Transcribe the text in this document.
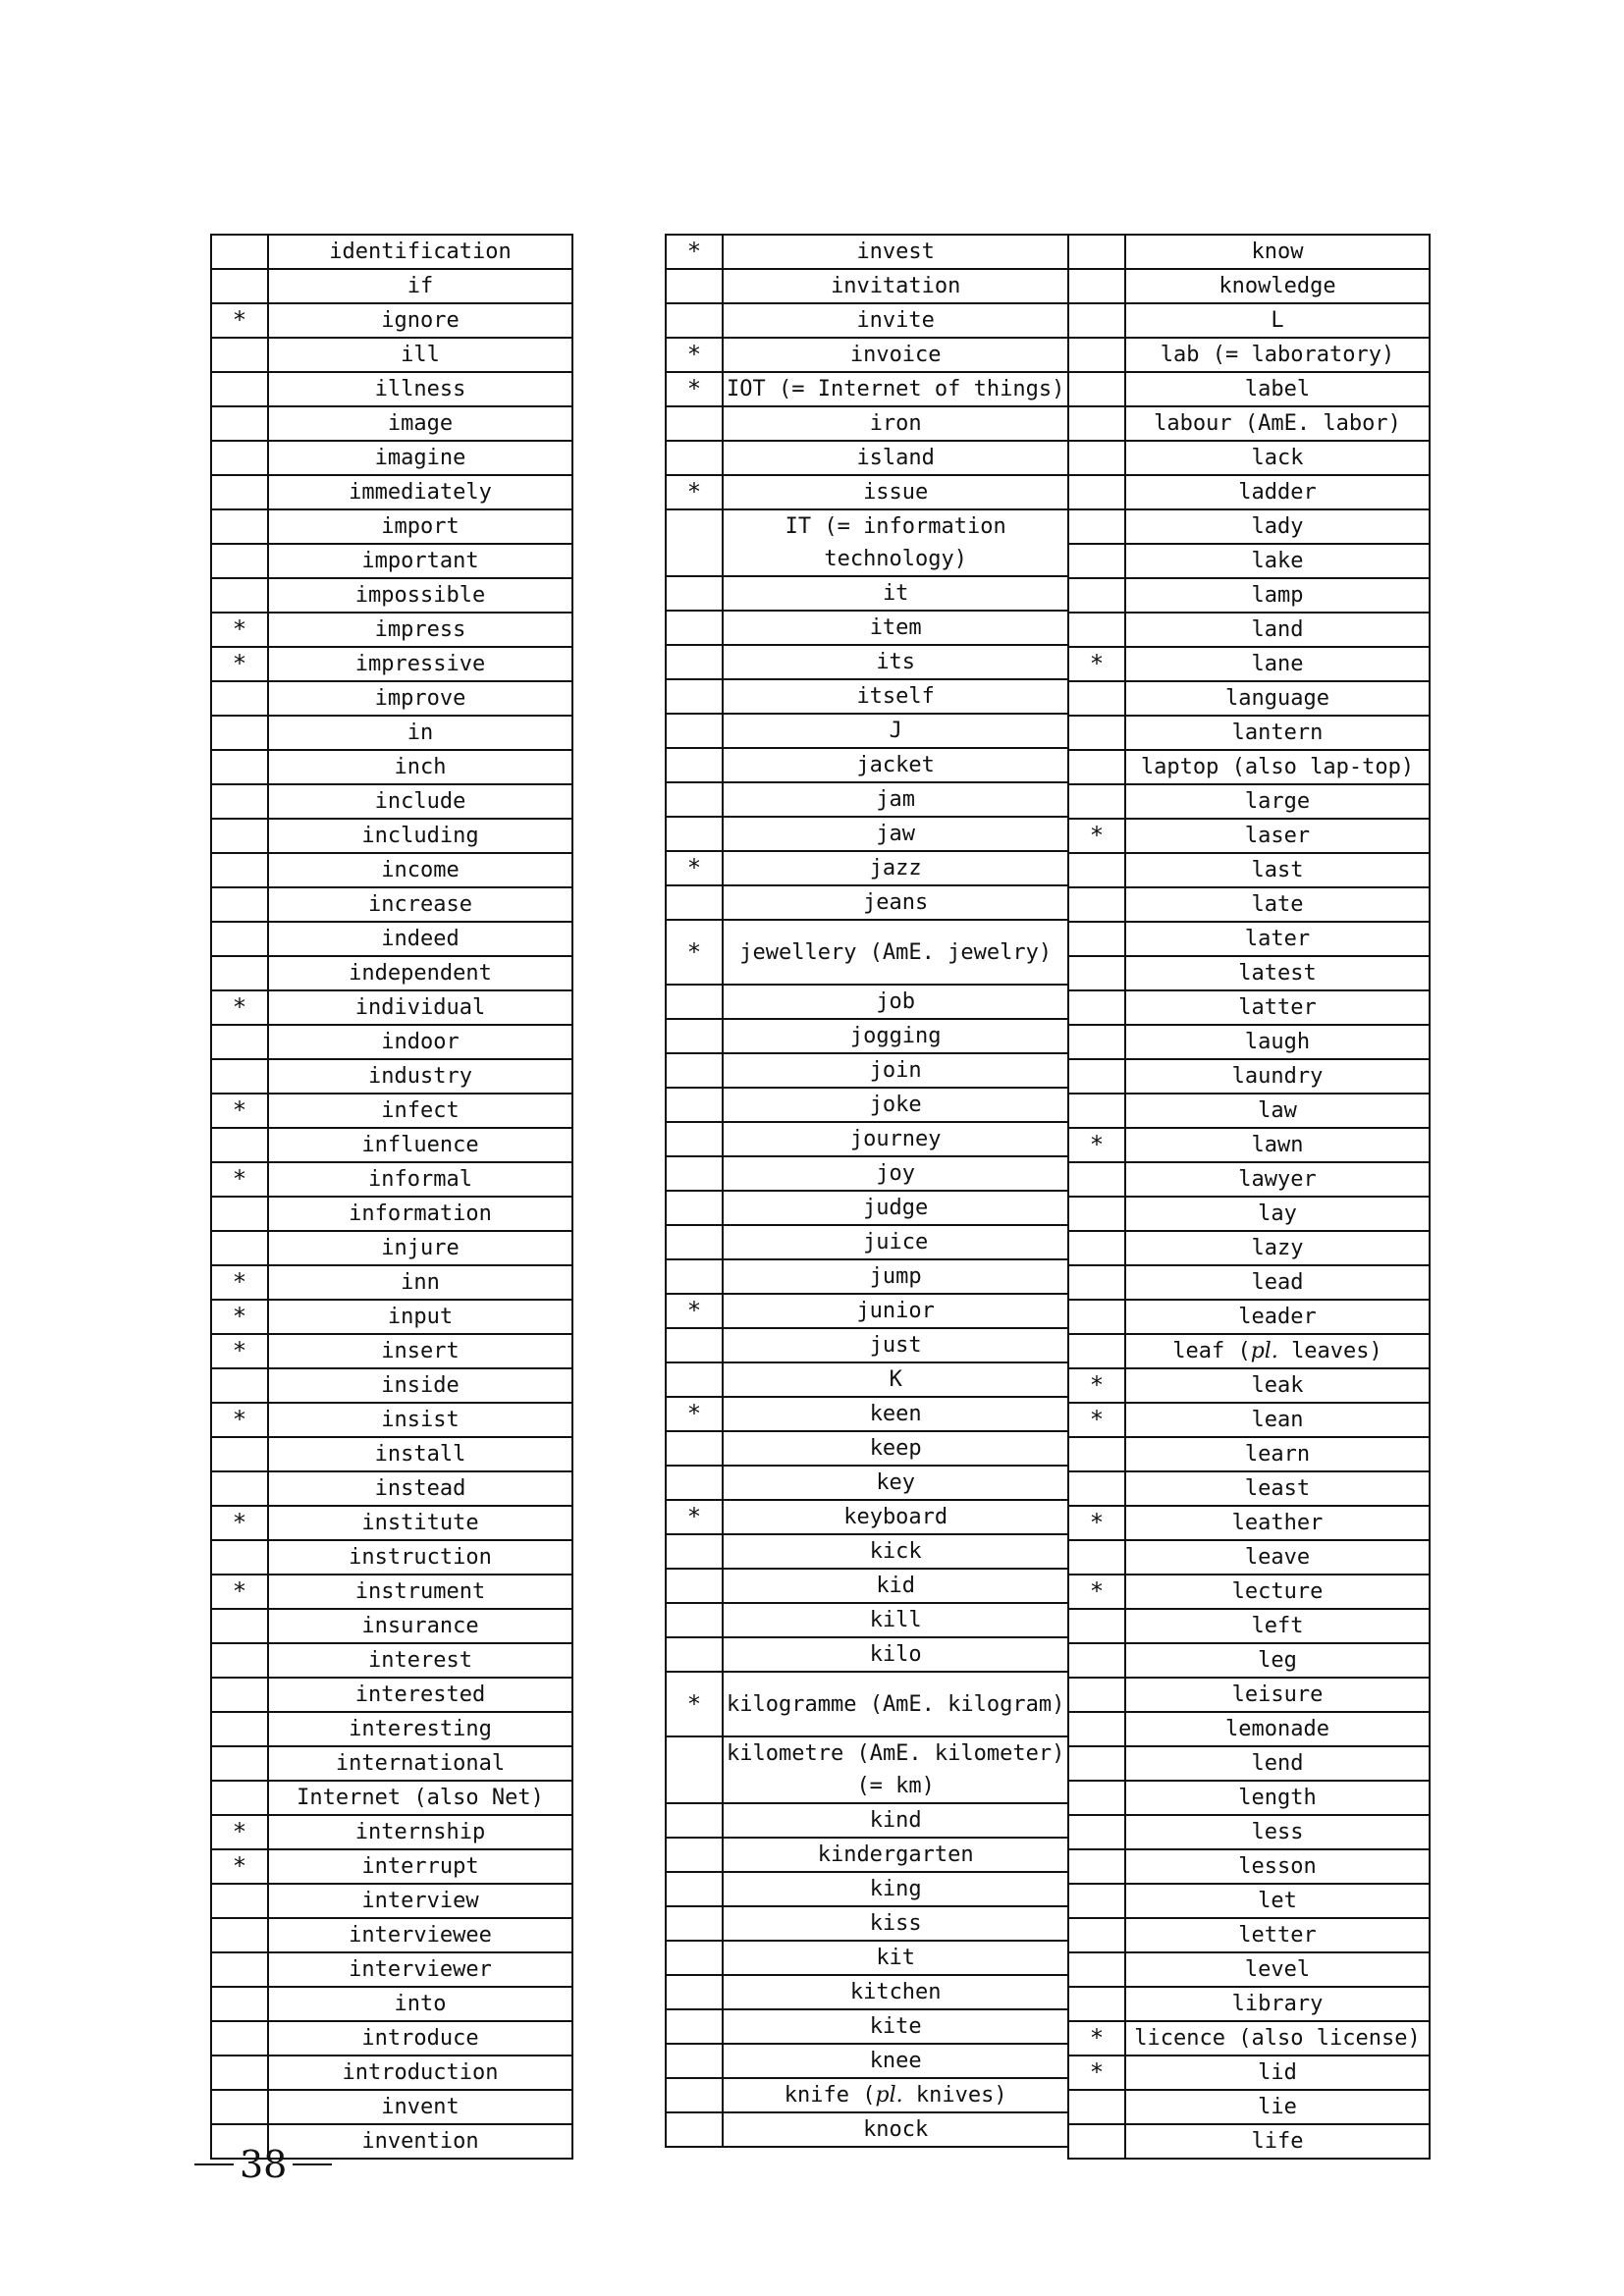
	identification
	if
*	ignore
	ill
	illness
	image
	imagine
	immediately
	import
	important
	impossible
*	impress
*	impressive
	improve
	in
	inch
	include
	including
	income
	increase
	indeed
	independent
*	individual
	indoor
	industry
*	infect
	influence
*	informal
	information
	injure
*	inn
*	input
*	insert
	inside
*	insist
	install
	instead
*	institute
	instruction
*	instrument
	insurance
	interest
	interested
	interesting
	international
	Internet (also Net)
*	internship
*	interrupt
	interview
	interviewee
	interviewer
	into
	introduce
	introduction
	invent
	invention
*	invest
	invitation
	invite
*	invoice
*	IOT (= Internet of things)
	iron
	island
*	issue
	IT (= information technology)
	it
	item
	its
	itself
	J
	jacket
	jam
	jaw
*	jazz
	jeans
*	jewellery (AmE. jewelry)
	job
	jogging
	join
	joke
	journey
	joy
	judge
	juice
	jump
*	junior
	just
	K
*	keen
	keep
	key
*	keyboard
	kick
	kid
	kill
	kilo
*	kilogramme (AmE. kilogram)
	kilometre (AmE. kilometer) (= km)
	kind
	kindergarten
	king
	kiss
	kit
	kitchen
	kite
	knee
	knife (pl. knives)
	knock
	know
	knowledge
	L
	lab (= laboratory)
	label
	labour (AmE. labor)
	lack
	ladder
	lady
	lake
	lamp
	land
*	lane
	language
	lantern
	laptop (also lap-top)
	large
*	laser
	last
	late
	later
	latest
	latter
	laugh
	laundry
	law
*	lawn
	lawyer
	lay
	lazy
	lead
	leader
	leaf (pl. leaves)
*	leak
*	lean
	learn
	least
*	leather
	leave
*	lecture
	left
	leg
	leisure
	lemonade
	lend
	length
	less
	lesson
	let
	letter
	level
	library
*	licence (also license)
*	lid
	lie
	life
38
